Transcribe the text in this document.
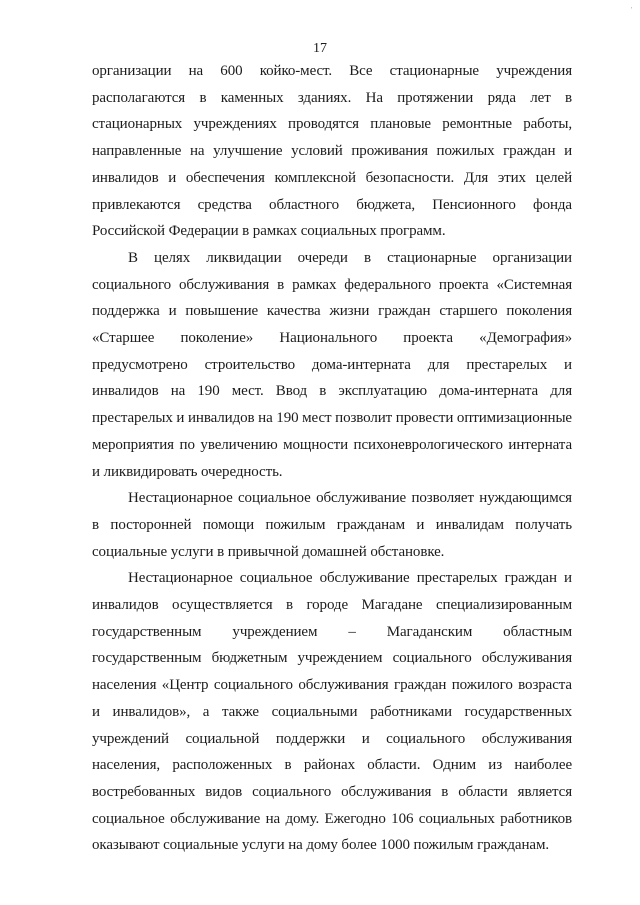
'
17

организации на 600 койко-мест. Все стационарные учреждения располагаются в каменных зданиях. На протяжении ряда лет в стационарных учреждениях проводятся плановые ремонтные работы, направленные на улучшение условий проживания пожилых граждан и инвалидов и обеспечения комплексной безопасности. Для этих целей привлекаются средства областного бюджета, Пенсионного фонда Российской Федерации в рамках социальных программ.

В целях ликвидации очереди в стационарные организации социального обслуживания в рамках федерального проекта «Системная поддержка и повышение качества жизни граждан старшего поколения «Старшее поколение» Национального проекта «Демография» предусмотрено строительство дома-интерната для престарелых и инвалидов на 190 мест. Ввод в эксплуатацию дома-интерната для престарелых и инвалидов на 190 мест позволит провести оптимизационные мероприятия по увеличению мощности психоневрологического интерната и ликвидировать очередность.

Нестационарное социальное обслуживание позволяет нуждающимся в посторонней помощи пожилым гражданам и инвалидам получать социальные услуги в привычной домашней обстановке.

Нестационарное социальное обслуживание престарелых граждан и инвалидов осуществляется в городе Магадане специализированным государственным учреждением – Магаданским областным государственным бюджетным учреждением социального обслуживания населения «Центр социального обслуживания граждан пожилого возраста и инвалидов», а также социальными работниками государственных учреждений социальной поддержки и социального обслуживания населения, расположенных в районах области. Одним из наиболее востребованных видов социального обслуживания в области является социальное обслуживание на дому. Ежегодно 106 социальных работников оказывают социальные услуги на дому более 1000 пожилым гражданам.
